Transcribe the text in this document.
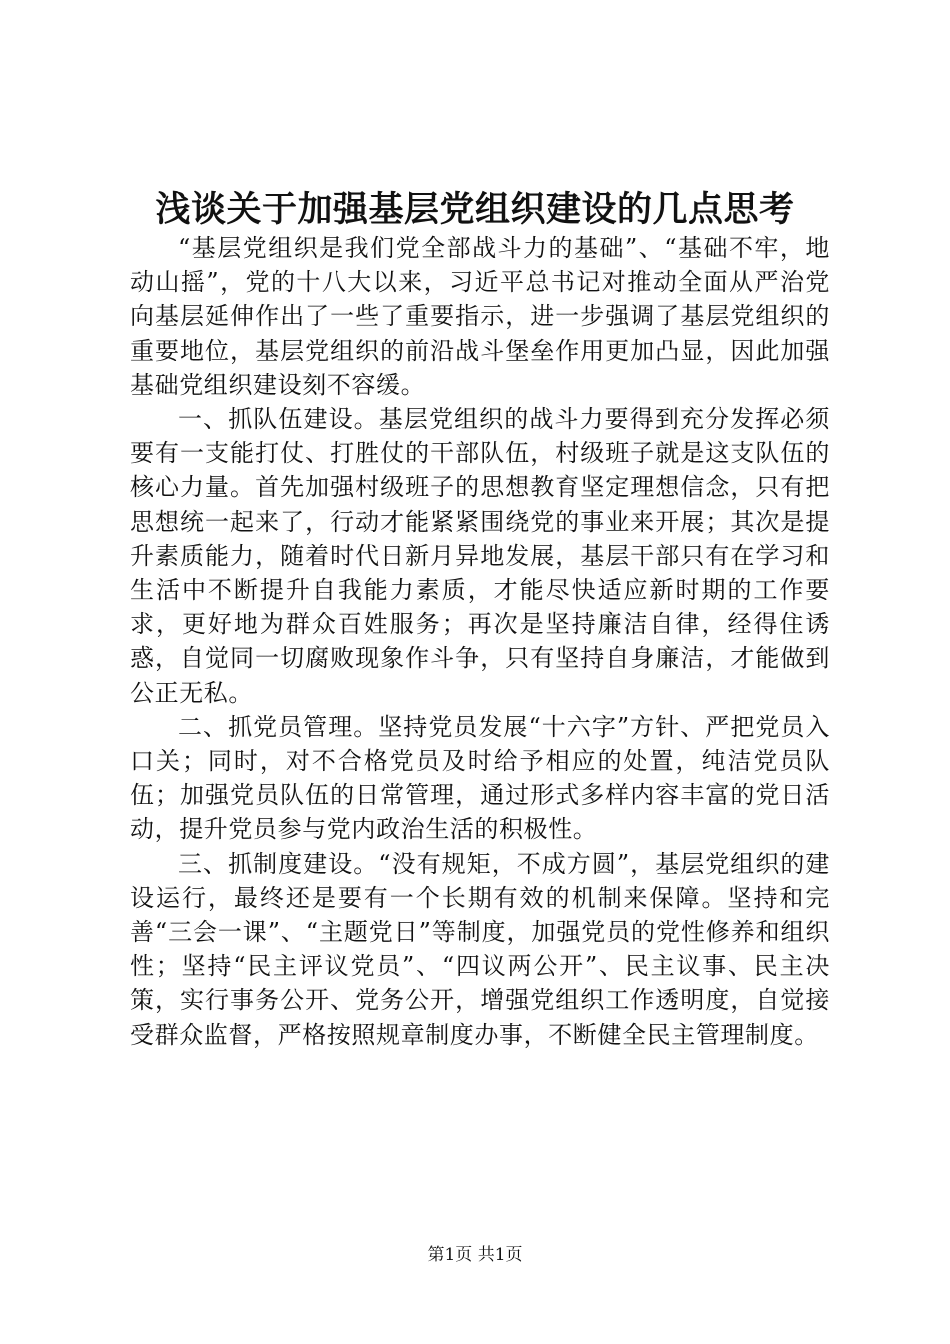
浅谈关于加强基层党组织建设的几点思考

“基层党组织是我们党全部战斗力的基础”、“基础不牢，地动山摇”，党的十八大以来，习近平总书记对推动全面从严治党向基层延伸作出了一些了重要指示，进一步强调了基层党组织的重要地位，基层党组织的前沿战斗堡垒作用更加凸显，因此加强基础党组织建设刻不容缓。

一、抓队伍建设。基层党组织的战斗力要得到充分发挥必须要有一支能打仗、打胜仗的干部队伍，村级班子就是这支队伍的核心力量。首先加强村级班子的思想教育坚定理想信念，只有把思想统一起来了，行动才能紧紧围绕党的事业来开展；其次是提升素质能力，随着时代日新月异地发展，基层干部只有在学习和生活中不断提升自我能力素质，才能尽快适应新时期的工作要求，更好地为群众百姓服务；再次是坚持廉洁自律，经得住诱惑，自觉同一切腐败现象作斗争，只有坚持自身廉洁，才能做到公正无私。

二、抓党员管理。坚持党员发展“十六字”方针、严把党员入口关；同时，对不合格党员及时给予相应的处置，纯洁党员队伍；加强党员队伍的日常管理，通过形式多样内容丰富的党日活动，提升党员参与党内政治生活的积极性。

三、抓制度建设。“没有规矩，不成方圆”，基层党组织的建设运行，最终还是要有一个长期有效的机制来保障。坚持和完善“三会一课”、“主题党日”等制度，加强党员的党性修养和组织性；坚持“民主评议党员”、“四议两公开”、民主议事、民主决策，实行事务公开、党务公开，增强党组织工作透明度，自觉接受群众监督，严格按照规章制度办事，不断健全民主管理制度。

第1页 共1页
